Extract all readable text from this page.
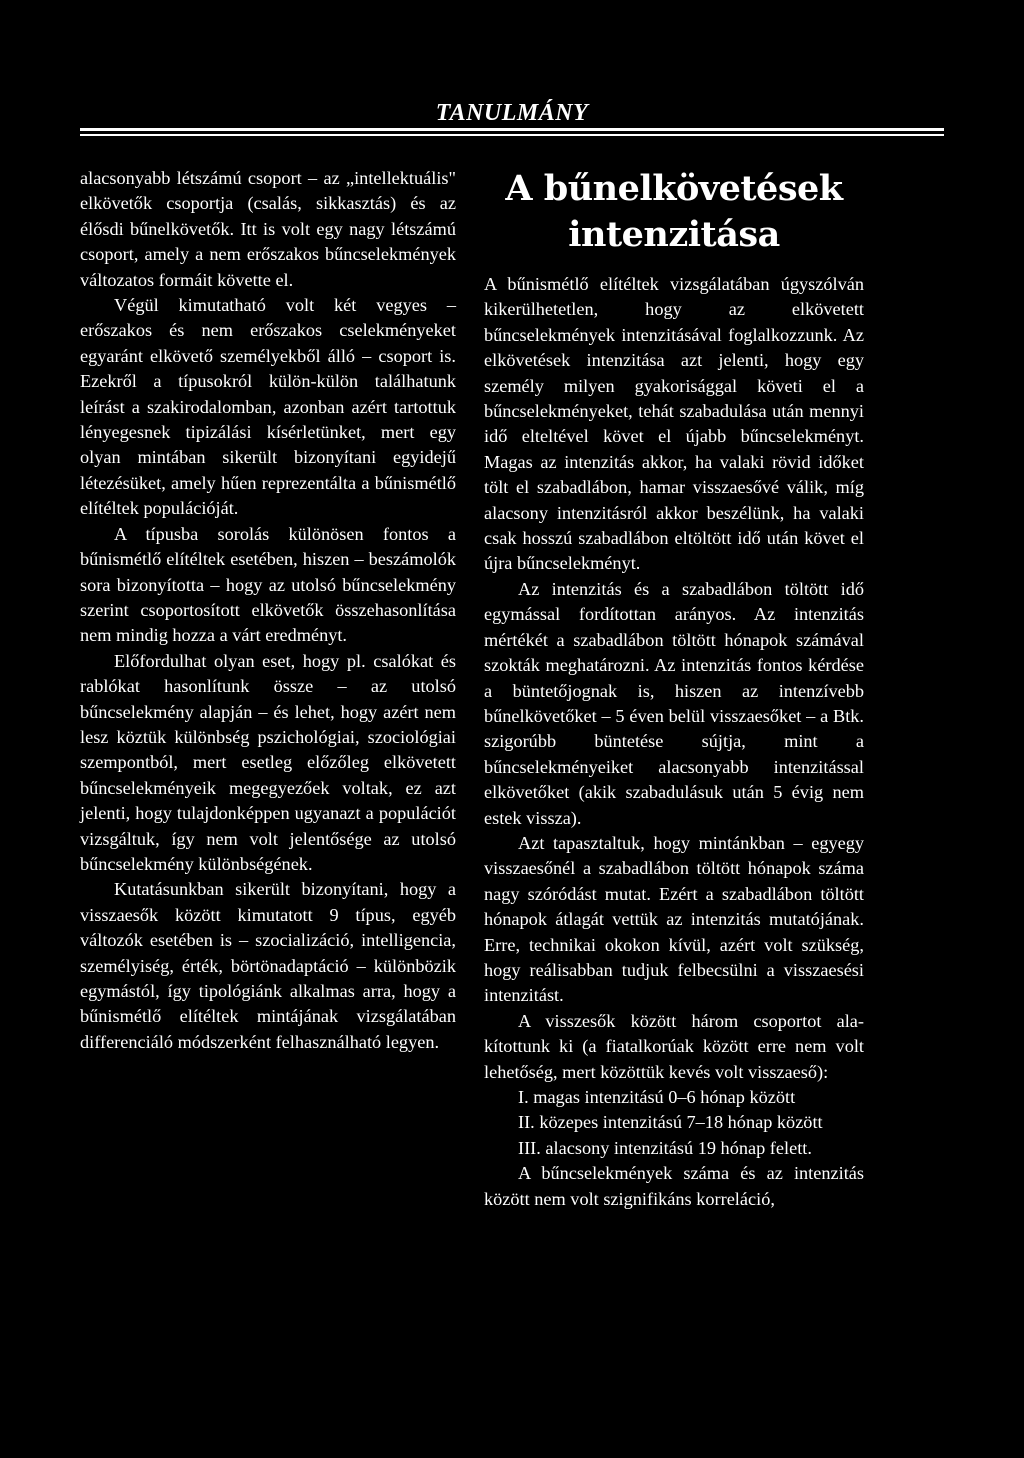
TANULMÁNY

alacsonyabb létszámú csoport – az „intellektuális" elkövetők csoportja (csalás, sikkasztás) és az élősdi bűnelkövetők. Itt is volt egy nagy létszámú csoport, amely a nem erőszakos bűncselekmények változatos formáit követte el.

Végül kimutatható volt két vegyes – erőszakos és nem erőszakos cselekményeket egyaránt elkövető személyekből álló – csoport is. Ezekről a típusokról külön-külön találhatunk leírást a szakirodalomban, azonban azért tartottuk lényegesnek tipizálási kísérletünket, mert egy olyan mintában sikerült bizonyítani egyidejű létezésüket, amely hűen reprezentálta a bűnismétlő elítéltek populációját.

A típusba sorolás különösen fontos a bűnismétlő elítéltek esetében, hiszen – beszámolók sora bizonyította – hogy az utolsó bűncselekmény szerint csoportosított elkövetők összehasonlítása nem mindig hozza a várt eredményt.

Előfordulhat olyan eset, hogy pl. csalókat és rablókat hasonlítunk össze – az utolsó bűncselekmény alapján – és lehet, hogy azért nem lesz köztük különbség pszichológiai, szociológiai szempontból, mert esetleg előzőleg elkövetett bűncselekményeik megegyezőek voltak, ez azt jelenti, hogy tulajdonképpen ugyanazt a populációt vizsgáltuk, így nem volt jelentősége az utolsó bűncselekmény különbségének.

Kutatásunkban sikerült bizonyítani, hogy a visszaesők között kimutatott 9 típus, egyéb változók esetében is – szocializáció, intelligencia, személyiség, érték, börtönadaptáció – különbözik egymástól, így tipológiánk alkalmas arra, hogy a bűnismétlő elítéltek mintájának vizsgálatában differenciáló módszerként felhasználható legyen.

A bűnelkövetések
intenzitása

A bűnismétlő elítéltek vizsgálatában úgyszólván kikerülhetetlen, hogy az elkövetett bűncselekmények intenzitásával foglalkozzunk. Az elkövetések intenzitása azt jelenti, hogy egy személy milyen gyakorisággal követi el a bűncselekményeket, tehát szabadulása után mennyi idő elteltével követ el újabb bűncselekményt. Magas az intenzitás akkor, ha valaki rövid időket tölt el szabadlábon, hamar visszaesővé válik, míg alacsony intenzitásról akkor beszélünk, ha valaki csak hosszú szabadlábon eltöltött idő után követ el újra bűncselekményt.

Az intenzitás és a szabadlábon töltött idő egymással fordítottan arányos. Az intenzitás mértékét a szabadlábon töltött hónapok számával szokták meghatározni. Az intenzitás fontos kérdése a büntetőjognak is, hiszen az intenzívebb bűnelkövetőket – 5 éven belül visszaesőket – a Btk. szigorúbb büntetése sújtja, mint a bűncselekményeiket alacsonyabb intenzitással elkövetőket (akik szabadulásuk után 5 évig nem estek vissza).

Azt tapasztaltuk, hogy mintánkban – egyegy visszaesőnél a szabadlábon töltött hónapok száma nagy szóródást mutat. Ezért a szabadlábon töltött hónapok átlagát vettük az intenzitás mutatójának. Erre, technikai okokon kívül, azért volt szükség, hogy reálisabban tudjuk felbecsülni a visszaesési intenzitást.

A visszesők között három csoportot alakítottunk ki (a fiatalkorúak között erre nem volt lehetőség, mert közöttük kevés volt visszaeső):

I. magas intenzitású 0–6 hónap között
II. közepes intenzitású 7–18 hónap között
III. alacsony intenzitású 19 hónap felett.

A bűncselekmények száma és az intenzitás között nem volt szignifikáns korreláció,
